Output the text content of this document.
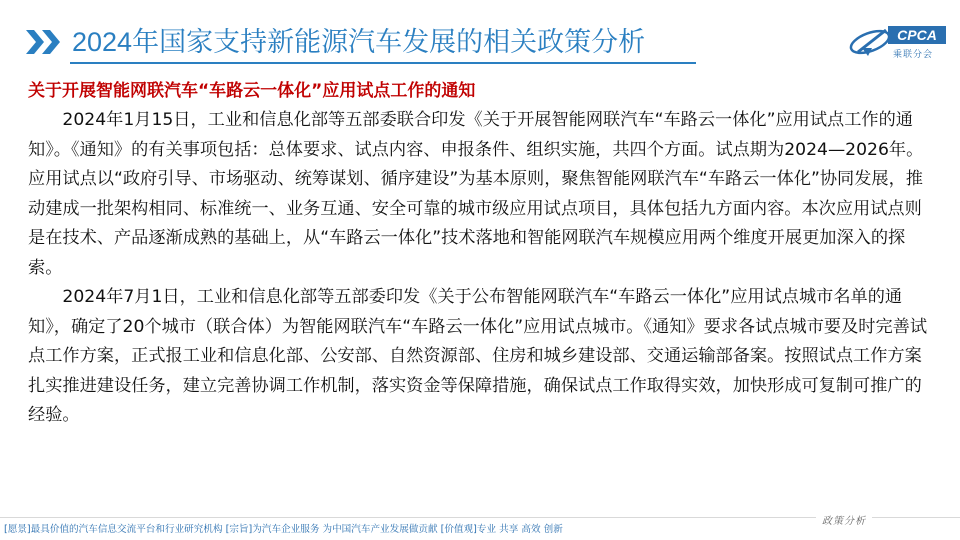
2024年国家支持新能源汽车发展的相关政策分析	CPCA
乘联分会
关于开展智能网联汽车“车路云一体化”应用试点工作的通知

2024年1月15日，工业和信息化部等五部委联合印发《关于开展智能网联汽车“车路云一体化”应用试点工作的通知》。《通知》的有关事项包括：总体要求、试点内容、申报条件、组织实施，共四个方面。试点期为2024—2026年。应用试点以“政府引导、市场驱动、统筹谋划、循序建设”为基本原则，聚焦智能网联汽车“车路云一体化”协同发展，推动建成一批架构相同、标准统一、业务互通、安全可靠的城市级应用试点项目，具体包括九方面内容。本次应用试点则是在技术、产品逐渐成熟的基础上，从“车路云一体化”技术落地和智能网联汽车规模应用两个维度开展更加深入的探索。

2024年7月1日，工业和信息化部等五部委印发《关于公布智能网联汽车“车路云一体化”应用试点城市名单的通知》，确定了20个城市（联合体）为智能网联汽车“车路云一体化”应用试点城市。《通知》要求各试点城市要及时完善试点工作方案，正式报工业和信息化部、公安部、自然资源部、住房和城乡建设部、交通运输部备案。按照试点工作方案扎实推进建设任务，建立完善协调工作机制，落实资金等保障措施，确保试点工作取得实效，加快形成可复制可推广的经验。

政策分析
[愿景]最具价值的汽车信息交流平台和行业研究机构 [宗旨]为汽车企业服务 为中国汽车产业发展做贡献 [价值观]专业 共享 高效 创新
